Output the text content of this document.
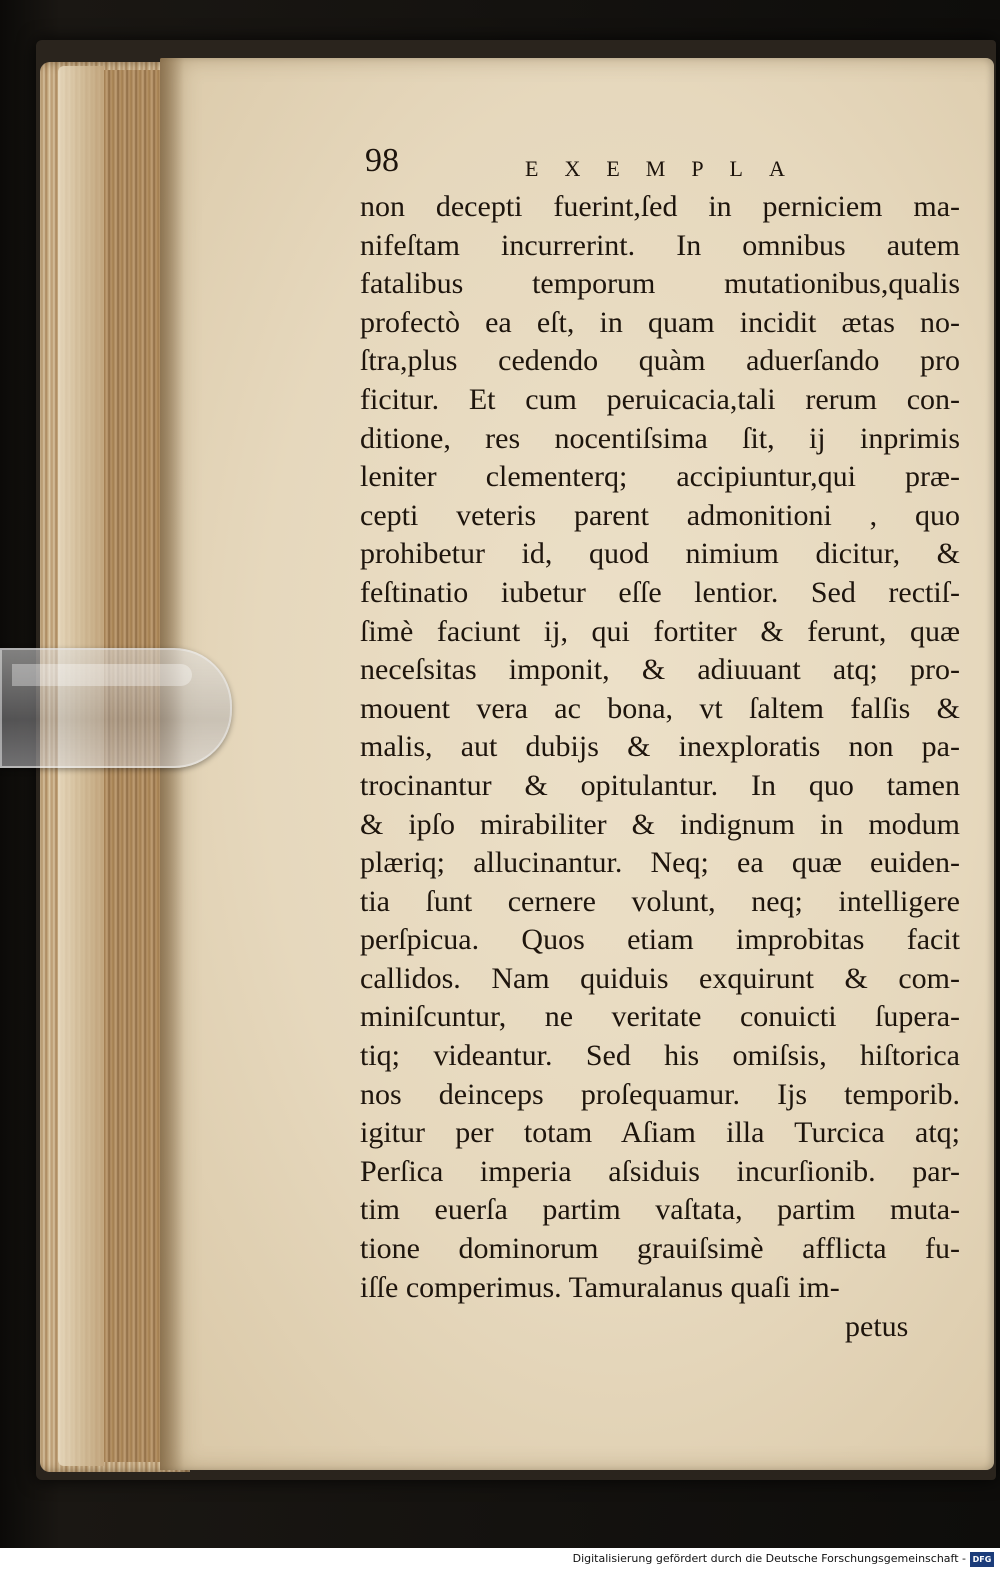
98	EXEMPLA
non decepti fuerint,ſed in perniciem ma-
nifeſtam incurrerint. In omnibus autem
fatalibus temporum mutationibus,qualis
profectò ea eſt, in quam incidit ætas no-
ſtra,plus cedendo quàm aduerſando pro
ficitur. Et cum peruicacia,tali rerum con-
ditione, res nocentiſsima ſit, ij inprimis
leniter clementerq; accipiuntur,qui præ-
cepti veteris parent admonitioni , quo
prohibetur id, quod nimium dicitur, &
feſtinatio iubetur eſſe lentior. Sed rectiſ-
ſimè faciunt ij, qui fortiter & ferunt, quæ
neceſsitas imponit, & adiuuant atq; pro-
mouent vera ac bona, vt ſaltem falſis &
malis, aut dubijs & inexploratis non pa-
trocinantur & opitulantur. In quo tamen
& ipſo mirabiliter & indignum in modum
plæriq; allucinantur. Neq; ea quæ euiden-
tia ſunt cernere volunt, neq; intelligere
perſpicua. Quos etiam improbitas facit
callidos. Nam quiduis exquirunt & com-
miniſcuntur, ne veritate conuicti ſupera-
tiq; videantur. Sed his omiſsis, hiſtorica
nos deinceps proſequamur. Ijs temporib.
igitur per totam Aſiam illa Turcica atq;
Perſica imperia aſsiduis incurſionib. par-
tim euerſa partim vaſtata, partim muta-
tione dominorum grauiſsimè afflicta fu-
iſſe comperimus. Tamuralanus quaſi im-
petus
Digitalisierung gefördert durch die Deutsche Forschungsgemeinschaft - DFG
